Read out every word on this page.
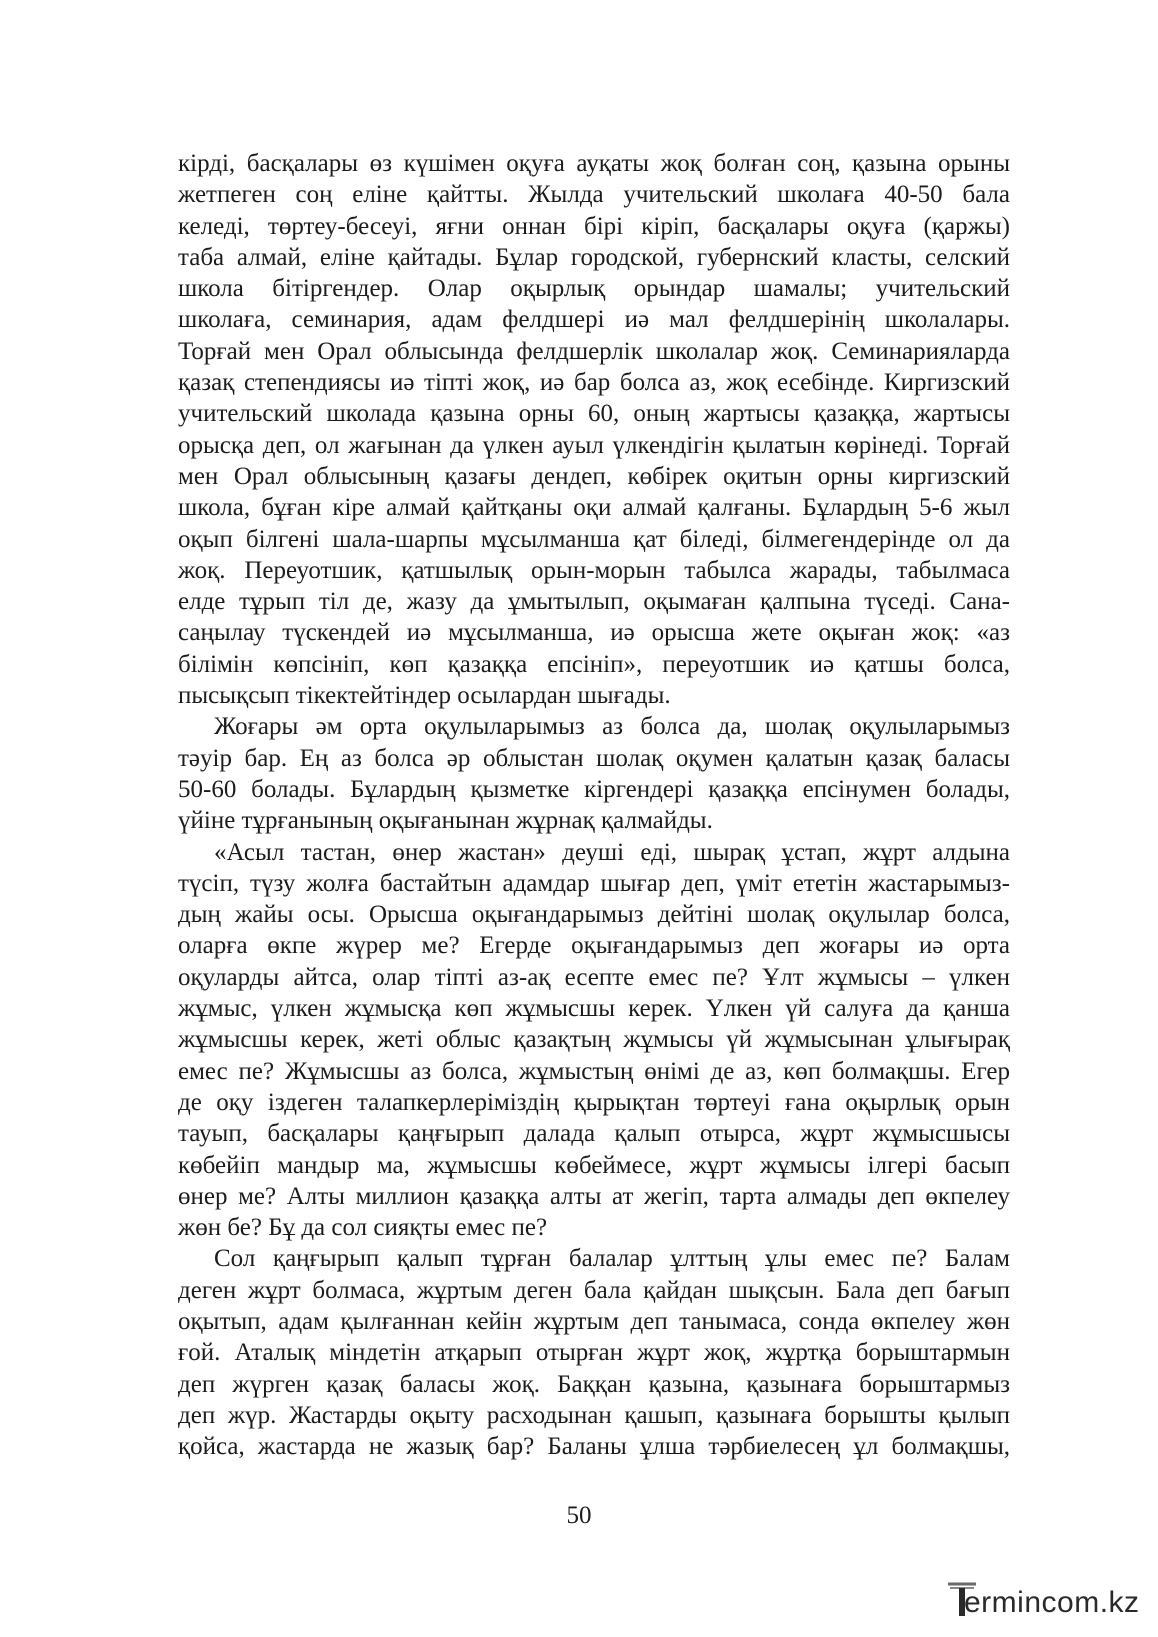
кірді, басқалары өз күшімен оқуға ауқаты жоқ болған соң, қазына орыны
жетпеген соң еліне қайтты. Жылда учительский школаға 40-50 бала
келеді, төртеу-бесеуі, яғни оннан бірі кіріп, басқалары оқуға (қаржы)
таба алмай, еліне қайтады. Бұлар городской, губернский класты, селский
школа бітіргендер. Олар оқырлық орындар шамалы; учительский
школаға, семинария, адам фелдшері иә мал фелдшерінің школалары.
Торғай мен Орал облысында фелдшерлік школалар жоқ. Семинарияларда
қазақ степендиясы иә тіпті жоқ, иә бар болса аз, жоқ есебінде. Киргизский
учительский школада қазына орны 60, оның жартысы қазаққа, жартысы
орысқа деп, ол жағынан да үлкен ауыл үлкендігін қылатын көрінеді. Торғай
мен Орал облысының қазағы дендеп, көбірек оқитын орны киргизский
школа, бұған кіре алмай қайтқаны оқи алмай қалғаны. Бұлардың 5-6 жыл
оқып білгені шала-шарпы мұсылманша қат біледі, білмегендерінде ол да
жоқ. Переуотшик, қатшылық орын-морын табылса жарады, табылмаса
елде тұрып тіл де, жазу да ұмытылып, оқымаған қалпына түседі. Сана-
саңылау түскендей иә мұсылманша, иә орысша жете оқыған жоқ: «аз
білімін көпсініп, көп қазаққа епсініп», переуотшик иә қатшы болса,
пысықсып тікектейтіндер осылардан шығады.
Жоғары әм орта оқулыларымыз аз болса да, шолақ оқулыларымыз
тәуір бар. Ең аз болса әр облыстан шолақ оқумен қалатын қазақ баласы
50-60 болады. Бұлардың қызметке кіргендері қазаққа епсінумен болады,
үйіне тұрғанының оқығанынан жұрнақ қалмайды.
«Асыл тастан, өнер жастан» деуші еді, шырақ ұстап, жұрт алдына
түсіп, түзу жолға бастайтын адамдар шығар деп, үміт ететін жастарымыз-
дың жайы осы. Орысша оқығандарымыз дейтіні шолақ оқулылар болса,
оларға өкпе жүрер ме? Егерде оқығандарымыз деп жоғары иә орта
оқуларды айтса, олар тіпті аз-ақ есепте емес пе? Ұлт жұмысы – үлкен
жұмыс, үлкен жұмысқа көп жұмысшы керек. Үлкен үй салуға да қанша
жұмысшы керек, жеті облыс қазақтың жұмысы үй жұмысынан ұлығырақ
емес пе? Жұмысшы аз болса, жұмыстың өнімі де аз, көп болмақшы. Егер
де оқу іздеген талапкерлеріміздің қырықтан төртеуі ғана оқырлық орын
тауып, басқалары қаңғырып далада қалып отырса, жұрт жұмысшысы
көбейіп мандыр ма, жұмысшы көбеймесе, жұрт жұмысы ілгері басып
өнер ме? Алты миллион қазаққа алты ат жегіп, тарта алмады деп өкпелеу
жөн бе? Бұ да сол сияқты емес пе?
Сол қаңғырып қалып тұрған балалар ұлттың ұлы емес пе? Балам
деген жұрт болмаса, жұртым деген бала қайдан шықсын. Бала деп бағып
оқытып, адам қылғаннан кейін жұртым деп танымаса, сонда өкпелеу жөн
ғой. Аталық міндетін атқарып отырған жұрт жоқ, жұртқа борыштармын
деп жүрген қазақ баласы жоқ. Баққан қазына, қазынаға борыштармыз
деп жүр. Жастарды оқыту расходынан қашып, қазынаға борышты қылып
қойса, жастарда не жазық бар? Баланы ұлша тәрбиелесең ұл болмақшы,
50
ermincom.kz
